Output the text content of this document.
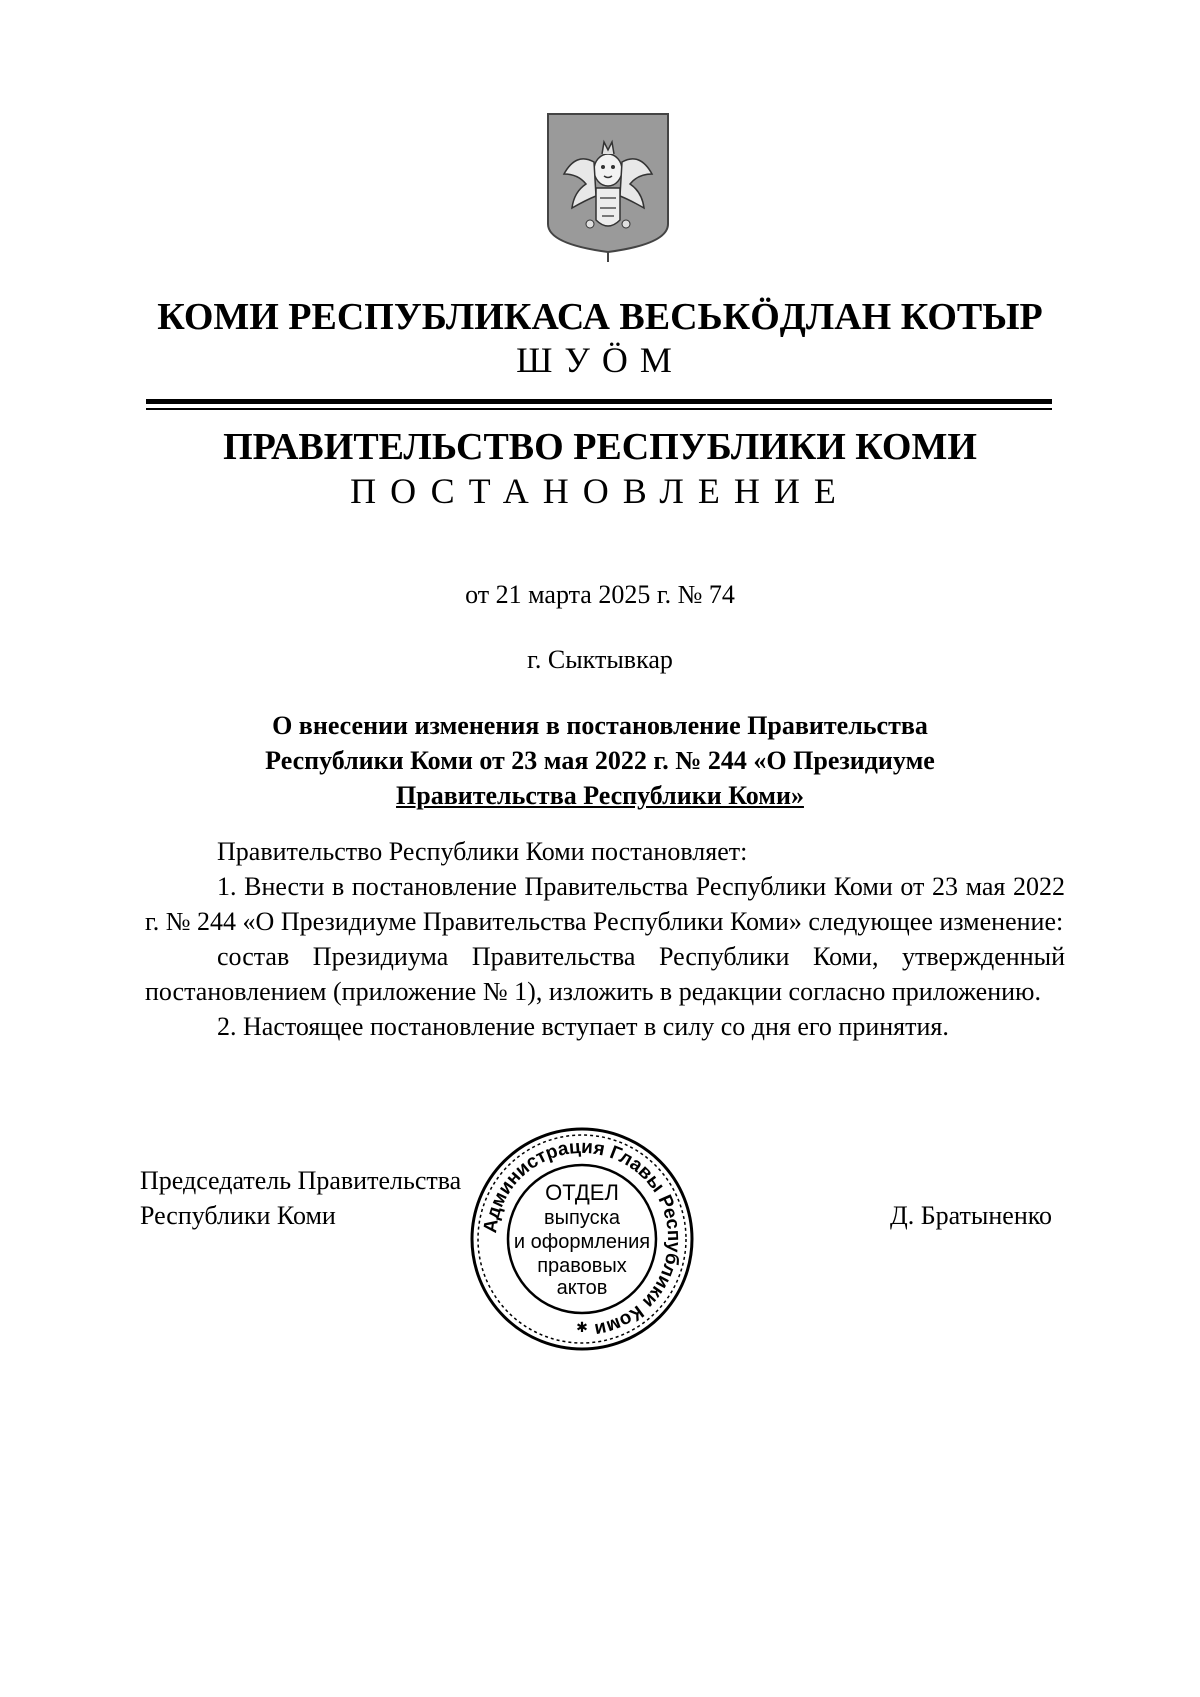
КОМИ РЕСПУБЛИКАСА ВЕСЬКÖДЛАН КОТЫР
ШУÖМ
ПРАВИТЕЛЬСТВО РЕСПУБЛИКИ КОМИ
ПОСТАНОВЛЕНИЕ
от 21 марта 2025 г. № 74
г. Сыктывкар
О внесении изменения в постановление Правительства
Республики Коми от 23 мая 2022 г. № 244 «О Президиуме
Правительства Республики Коми»

Правительство Республики Коми постановляет:

1. Внести в постановление Правительства Республики Коми от 23 мая 2022 г. № 244 «О Президиуме Правительства Республики Коми» следующее изменение:

состав Президиума Правительства Республики Коми, утвержденный постановлением (приложение № 1), изложить в редакции согласно приложению.

2. Настоящее постановление вступает в силу со дня его принятия.

Председатель Правительства
Республики Коми	Д. Братыненко
Администрация Главы Республики Коми
ОТДЕЛ
выпуска
и оформления
правовых
актов
✱
